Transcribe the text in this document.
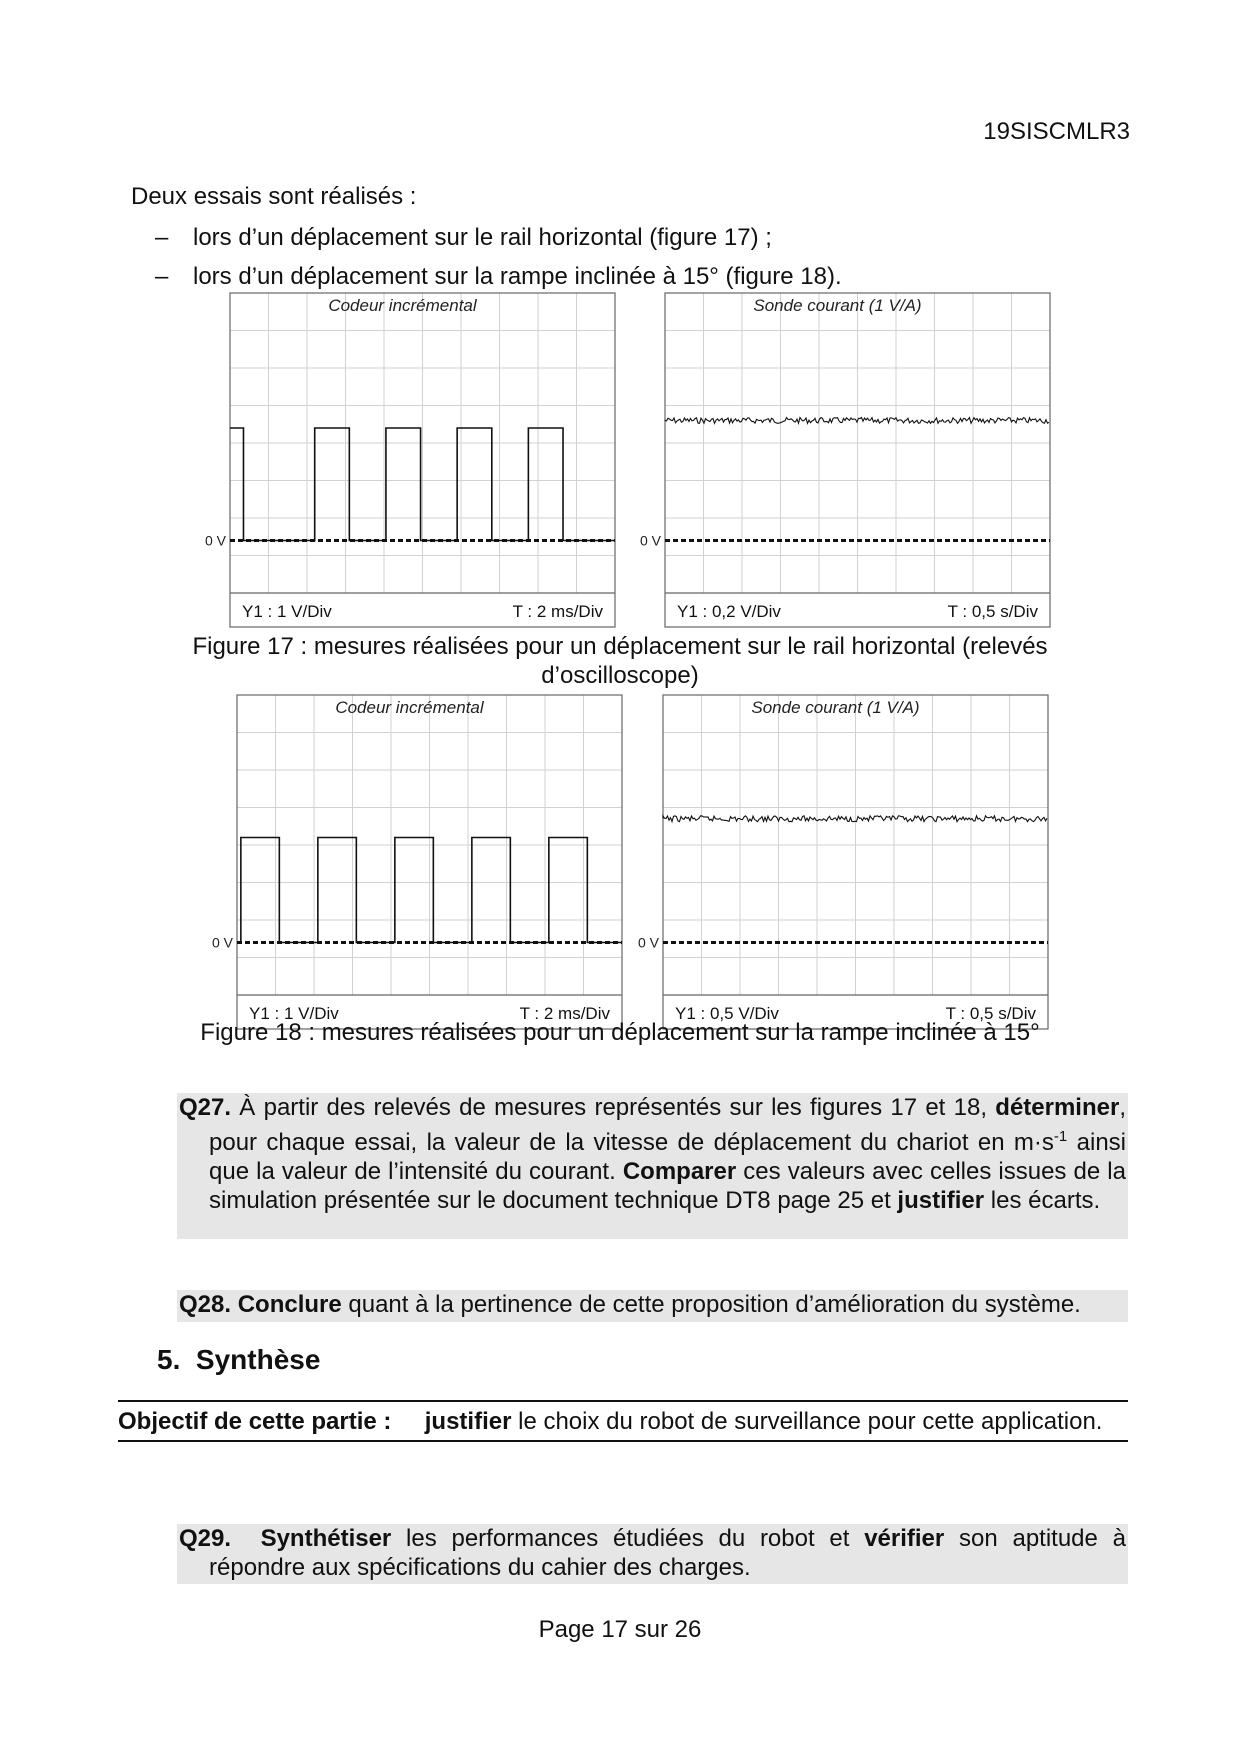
19SISCMLR3
Deux essais sont réalisés :
– lors d’un déplacement sur le rail horizontal (figure 17) ;
– lors d’un déplacement sur la rampe inclinée à 15° (figure 18).
Codeur incrémental
0 V
Y1 : 1 V/Div	T : 2 ms/Div
Sonde courant (1 V/A)
0 V
Y1 : 0,2 V/Div	T : 0,5 s/Div
Figure 17 : mesures réalisées pour un déplacement sur le rail horizontal (relevés
d’oscilloscope)
Codeur incrémental
0 V
Y1 : 1 V/Div	T : 2 ms/Div
Sonde courant (1 V/A)
0 V
Y1 : 0,5 V/Div	T : 0,5 s/Div
Figure 18 : mesures réalisées pour un déplacement sur la rampe inclinée à 15°
Q27. À partir des relevés de mesures représentés sur les figures 17 et 18, déterminer, pour chaque essai, la valeur de la vitesse de déplacement du chariot en $m\cdot s^{-1}$ ainsi que la valeur de l’intensité du courant. Comparer ces valeurs avec celles issues de la simulation présentée sur le document technique DT8 page 25 et justifier les écarts.
Q28. Conclure quant à la pertinence de cette proposition d’amélioration du système.
5. Synthèse
Objectif de cette partie : justifier le choix du robot de surveillance pour cette application.
Q29. Synthétiser les performances étudiées du robot et vérifier son aptitude à répondre aux spécifications du cahier des charges.
Page 17 sur 26
